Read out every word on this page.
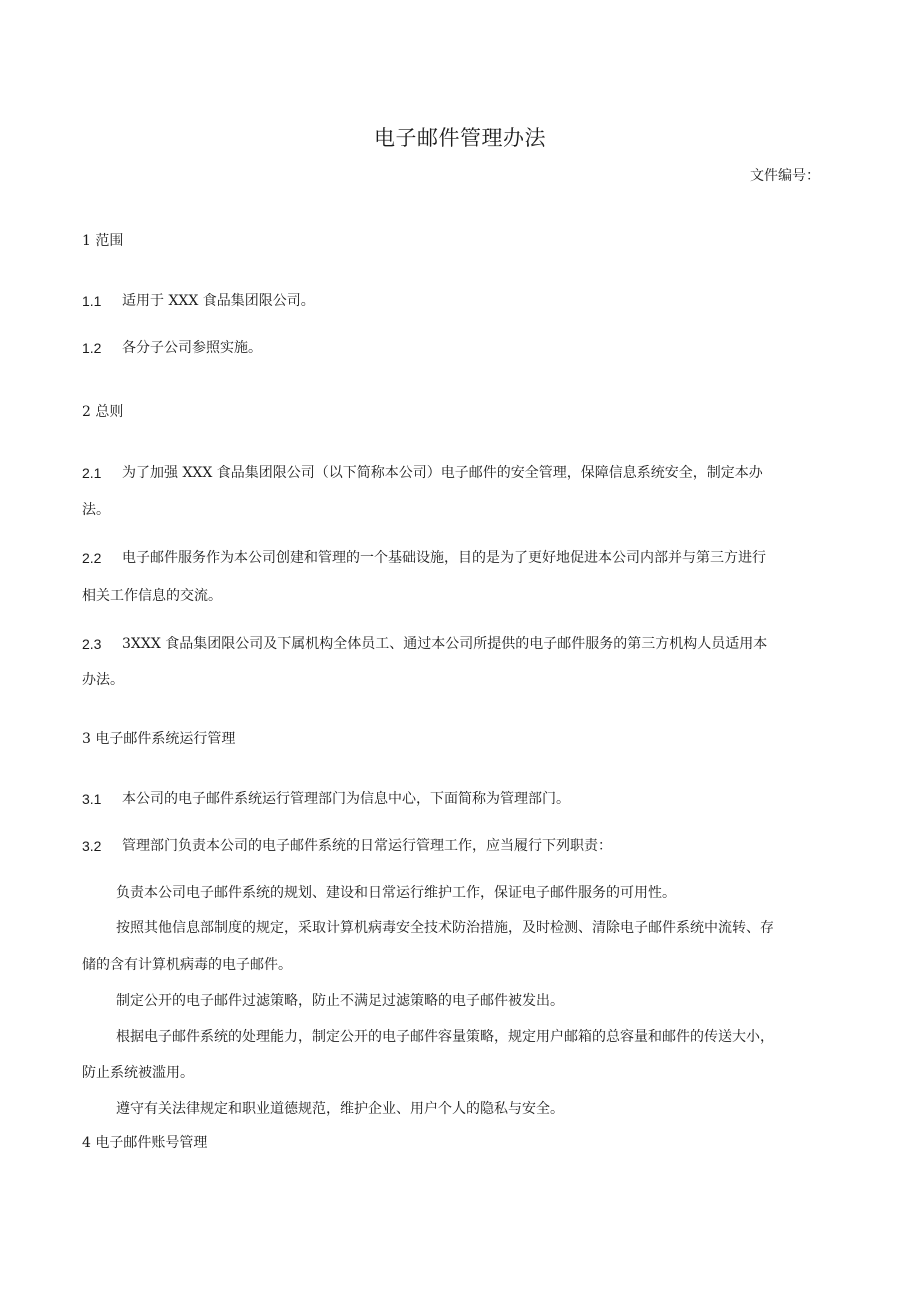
电子邮件管理办法
文件编号：
1 范围
1.1 适用于 XXX 食品集团限公司。
1.2 各分子公司参照实施。
2 总则
2.1 为了加强 XXX 食品集团限公司（以下简称本公司）电子邮件的安全管理，保障信息系统安全，制定本办
法。
2.2 电子邮件服务作为本公司创建和管理的一个基础设施，目的是为了更好地促进本公司内部并与第三方进行
相关工作信息的交流。
2.3 3XXX 食品集团限公司及下属机构全体员工、通过本公司所提供的电子邮件服务的第三方机构人员适用本
办法。
3 电子邮件系统运行管理
3.1 本公司的电子邮件系统运行管理部门为信息中心，下面简称为管理部门。
3.2 管理部门负责本公司的电子邮件系统的日常运行管理工作，应当履行下列职责：
负责本公司电子邮件系统的规划、建设和日常运行维护工作，保证电子邮件服务的可用性。
按照其他信息部制度的规定，采取计算机病毒安全技术防治措施，及时检测、清除电子邮件系统中流转、存
储的含有计算机病毒的电子邮件。
制定公开的电子邮件过滤策略，防止不满足过滤策略的电子邮件被发出。
根据电子邮件系统的处理能力，制定公开的电子邮件容量策略，规定用户邮箱的总容量和邮件的传送大小，
防止系统被滥用。
遵守有关法律规定和职业道德规范，维护企业、用户个人的隐私与安全。
4 电子邮件账号管理
